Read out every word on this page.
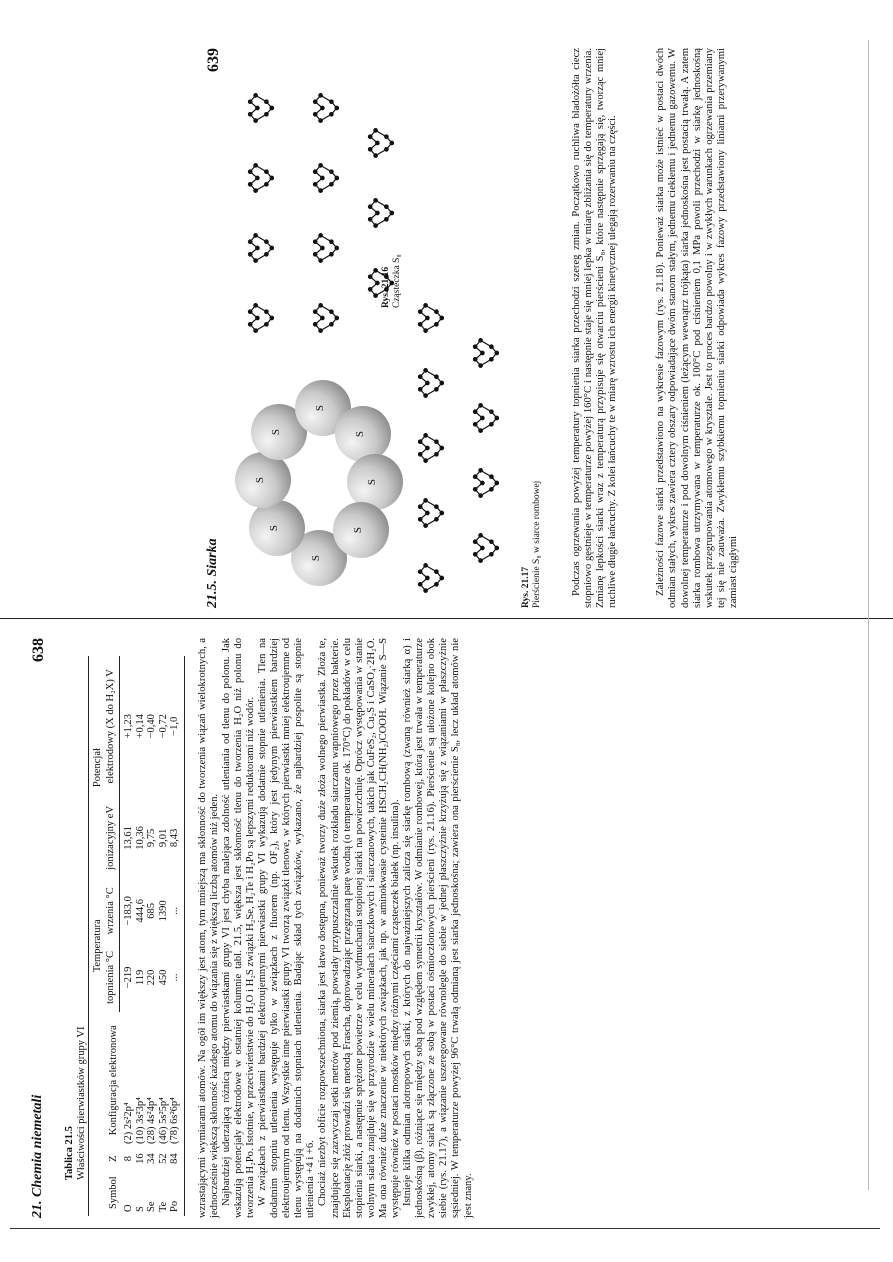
21. Chemia niemetali
638
Tablica 21.5 Właściwości pierwiastków grupy VI
Symbol	Z	Konfiguracja elektronowa	Temperatura		Potencjał	
			topnienia °C	wrzenia °C	jonizacyjny eV	elektrodowy (X do H₂X) V
O	8	(2) 2s²2p⁴	−219	−183,0	13,61	+1,23
S	16	(10) 3s²3p⁴	119	444,6	10,36	+0,14
Se	34	(28) 4s²4p⁴	220	685	9,75	−0,40
Te	52	(46) 5s²5p⁴	450	1390	9,01	−0,72
Po	84	(78) 6s²6p⁴	...	...	8,43	−1,0 wzrastającymi wymiarami atomów. Na ogół im większy jest atom, tym mniejszą ma skłonność do tworzenia wiązań wielokrotnych, a jednocześnie większą skłonność każdego atomu do wiązania się z większą liczbą atomów niż jeden. Najbardziej uderzającą różnicą między pierwiastkami grupy VI jest chyba malejąca zdolność utleniania od tlenu do polonu. Jak wskazują potencjały elektrodowe w ostatniej kolumnie tabl. 21.5, większa jest skłonność tlenu do tworzenia H₂O niż polonu do tworzenia H₂Po. Istotnie, w przeciwieństwie do H₂O i H₂S związki H₂Se, H₂Te i H₂Po są lepszymi reduktorami niż wodór. W związkach z pierwiastkami bardziej elektroujemnymi pierwiastki grupy VI wykazują dodatnie stopnie utlenienia. Tlen na dodatnim stopniu utlenienia występuje tylko w związkach z fluorem (np. OF₂), który jest jedynym pierwiastkiem bardziej elektroujemnym od tlenu. Wszystkie inne pierwiastki grupy VI tworzą związki tlenowe, w których pierwiastki mniej elektroujemne od tlenu występują na dodatnich stopniach utlenienia. Badając skład tych związków, wykazano, że najbardziej pospolite są stopnie utlenienia +4 i +6. Chociaż niezbyt obficie rozpowszechniona, siarka jest łatwo dostępna, ponieważ tworzy duże złoża wolnego pierwiastka. Złoża te, znajdujące się zazwyczaj setki metrów pod ziemią, powstały przypuszczalnie wskutek rozkładu siarczanu wapniowego przez bakterie. Eksploatację złóż prowadzi się metodą Frascha, doprowadzając przegrzaną parę wodną (o temperaturze ok. 170°C) do pokładów w celu stopienia siarki, a następnie sprężone powietrze w celu wydmuchania stopionej siarki na powierzchnię. Oprócz występowania w stanie wolnym siarka znajduje się w przyrodzie w wielu minerałach siarczkowych i siarczanowych, takich jak CuFeS₂, Cu₂S i CaSO₄·2H₂O. Ma ona również duże znaczenie w niektórych związkach, jak np. w aminokwasie cysteinie HSCH₂CH(NH₂)COOH. Wiązanie S—S występuje również w postaci mostków między różnymi częściami cząsteczek białek (np. insulina). Istnieje kilka odmian alotropowych siarki, z których do najważniejszych zalicza się siarkę rombową (zwaną również siarką α) i jednoskośną (β), różniące się między sobą pod względem symetrii kryształów. W odmianie rombowej, która jest trwała w temperaturze zwykłej, atomy siarki są złączone ze sobą w postaci ośmioczłonowych pierścieni (rys. 21.16). Pierścienie są ułożone kolejno obok siebie (rys. 21.17), a wiązanie uszeregowane równolegle do siebie w jednej płaszczyźnie krzyżują się z wiązaniami w płaszczyźnie sąsiedniej. W temperaturze powyżej 96°C trwałą odmianą jest siarka jednoskośna; zawiera ona pierścienie S₈, lecz układ atomów nie jest znany.

21.5. Siarka
639
S
S
S
S
S
S
S
S
Rys. 21.16 Cząsteczka S₈
Rys. 21.17 Pierścienie S₈ w siarce rombowej	Podczas ogrzewania powyżej temperatury topnienia siarka przechodzi szereg zmian. Początkowo ruchliwa bladożółta ciecz stopniowo gęstnieje w temperaturze powyżej 160°C i następnie staje się mniej lepka w miarę zbliżania się do temperatury wrzenia. Zmianę lepkości siarki wraz z temperaturą przypisuje się otwarciu pierścieni S₈, które następnie sprzęgają się, tworząc mniej ruchliwe długie łańcuchy. Z kolei łańcuchy te w miarę wzrostu ich energii kinetycznej ulegają rozerwaniu na części.	Zależności fazowe siarki przedstawiono na wykresie fazowym (rys. 21.18). Ponieważ siarka może istnieć w postaci dwóch odmian stałych, wykres zawiera cztery obszary odpowiadające dwóm stanom stałym, jednemu ciekłemu i jednemu gazowemu. W dowolnej temperaturze i pod dowolnym ciśnieniem (leżącym wewnątrz trójkąta) siarka jednoskośna jest postacią trwałą. A zatem siarka rombowa utrzymywana w temperaturze ok. 100°C pod ciśnieniem 0,1 MPa powoli przechodzi w siarkę jednoskośną wskutek przegrupowania atomowego w krysztale. Jest to proces bardzo powolny i w zwykłych warunkach ogrzewania przemiany tej się nie zauważa. Zwykłemu szybkiemu topnieniu siarki odpowiada wykres fazowy przedstawiony liniami przerywanymi zamiast ciągłymi
